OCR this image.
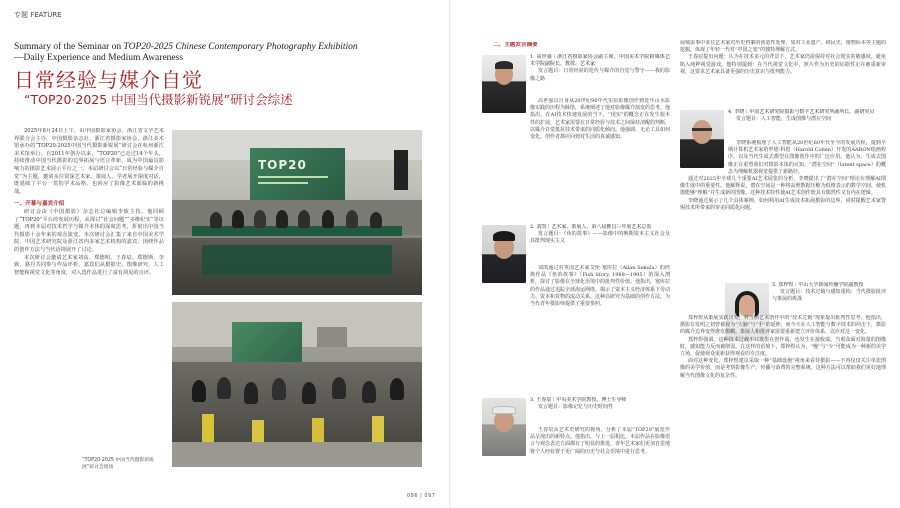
专题 FEATURE
Summary of the Seminar on TOP20-2025 Chinese Contemporary Photography Exhibition
—Daily Experience and Medium Awareness
日常经验与媒介自觉
“TOP20·2025 中国当代摄影新锐展”研讨会综述

2025年8月24日上午，由中国摄影家协会、浙江省文学艺术界联合会主办，中国摄影杂志社、浙江省摄影家协会、浙江美术馆承办的“TOP20·2025中国当代摄影新锐展”研讨会在杭州浙江美术馆举行。自2011年创办以来，“TOP20”已走过14个年头，持续推动中国当代摄影的边界拓展与语言革新，成为中国最具影响力的摄影艺术展示平台之一。本届研讨会以“日常经验与媒介自觉”为主题，邀请多位资深艺术家、策展人、学者展开深度对话，既延续了平台一贯的学术品格，也回应了影像艺术面临的新挑战。

一、开幕与嘉宾介绍

研讨会由《中国摄影》杂志社总编辑李致主持。他回顾了“TOP20”平台的发展历程，从探讨“社会问题”“多维纪实”等议题，再到本届对技术哲学与媒介本体的深度思考，折射出中国当代摄影十余年来的观念演变。本次研讨会汇集了来自中国美术学院、中国艺术研究院及浙江省内多家艺术机构的嘉宾，围绕作品的创作方法与当代语境展开了讨论。

本次研讨会邀请艺术家刘高、郑德明、王春辰、郑德斯、李致、骆丹共同参与作品评析，嘉宾们从摄影史、图像研究、人工智能和视觉文化等角度，对入选作品进行了富有洞见的点评。

TOP20
“TOP20·2025 中国当代摄影新锐展”研讨会现场
096 | 097
二、主题发言摘要

1. 高世强｜浙江省摄影家协会副主席，中国美术学院跨媒体艺术学院副院长、教授、艺术家

发言题目：日常经验的迭代与媒介的自觉与警守——我的影像之路

高世强以自身从20世纪90年代实验影像创作到近年山水影像实践的历程为脉络，系统阐述了他对影像媒介演变的思考。他指出，在AI技术快速发展的当下，“现实”的概念正在发生根本性的扩展，艺术家需要在日常经验与技术之间保持清醒的判断，以媒介自觉抵抗技术带来的同质化倾向。他强调，无论工具如何变化，创作者都应回到对生活的真诚感知。

2. 刘凯｜艺术家、策展人、第八届雅昌三年展艺术总监

发言题目：《鱼的故事》——影像中的晚期资本主义社会及其批判现实主义

刘凯通过对英国艺术家艾伦·塞库拉（Allan Sekula）的经典作品《鱼的故事》（Fish Story, 1988—1995）的深入剖析，探讨了影像在全球化语境中的批判性价值。他指出，塞库拉的作品通过追踪全球海运网络，揭示了资本主义经济体系下劳动力、资本和货物的流动关系。这种以研究为基础的创作方法，为当代青年摄影师提供了重要参照。

3. 王春辰｜中央美术学院教授、博士生导师

发言题目：影像记忆与历史时间性

王春辰从艺术史研究的视角，分析了本届“TOP20”展览作品呈现出的新特点。他指出，与上一届相比，本届作品在影像语言与观念表达方面都有了明显的推进，青年艺术家们更加自觉地将个人经验置于更广阔的历史与社会语境中进行思考。

展城需事中多位艺术家对历史档案的创造性处理，如对工业遗产、移民史、植物标本等主题的挖掘，体现了年轻一代对“中国之变”的独特理解方式。

王春辰提出问题：认为在技术多元的背景下，艺术家仍需保持对社会现实的敏感度，避免陷入纯粹视觉游戏。他特别提到：在当代视觉文化中，照片作为历史的证据性正在被重新审视，这要求艺术家具备更强的历史意识与批判能力。

4. 李晓｜中国艺术研究院摄影与数字艺术研究所副所长、副研究员

发言题目：人工智能、生成图像与潜在空间

李晓系统梳理了人工智能从20世纪60年代至今的发展历程，提到早期计算机艺术家哈罗德·科恩（Harold Cohen）开发的AARON绘画程序，以及当代生成式模型在图像创作中的广泛应用。他认为，生成式图像正在重塑我们对摄影本体的认知，“潜在空间”（latent space）的概念为理解机器视觉提供了新路径。

通过对2025年全球几个重要AI艺术展览的分析，李晓提出了“潜在空间”理论在理解AI图像生成中的重要性。他解释说，潜在空间是一种将高维数据压缩为低维表示的数学空间，使机器能够“理解”并生成新的图像。这种技术特性使AI艺术创作既具有偶然性又有内在逻辑。

李晓通过展示了几个具体案例，如何利用AI生成技术拓展摄影的边界，同时提醒艺术家警惕技术所带来的审美同质化问题。

5. 郑梓煜｜中山大学新闻传播学院副教授

发言题目：技术过载与感知重构：当代摄影批评与策展的挑战

郑梓煜从策展实践出发，对当前艺术创作中的“技术过载”现象提出批判性思考。他指出，摄影在发明之初曾被视为“大脑”与“手”的延伸，而今天在人工智能与数字技术的冲击下，摄影的媒介边界变得愈发模糊。策展人和批评家需要重新建立评价体系，以应对这一变化。

郑梓煜强调，这种技术过载不只发生在创作端，也发生在接收端。当观众面对海量的图像时，感知能力反而被削弱。在这样的语境下，郑梓煜认为，“慢”与“少”可能成为一种新的美学立场，促使观众重新获得观看的专注度。

面对这种变化，郑梓煜建议采取一种“基础设施”视角来看待摄影——不再仅仅关注单张图像的美学价值，而是考察影像生产、传播与消费的完整系统。这种方法可以帮助我们更好地理解当代图像文化的复杂性。
